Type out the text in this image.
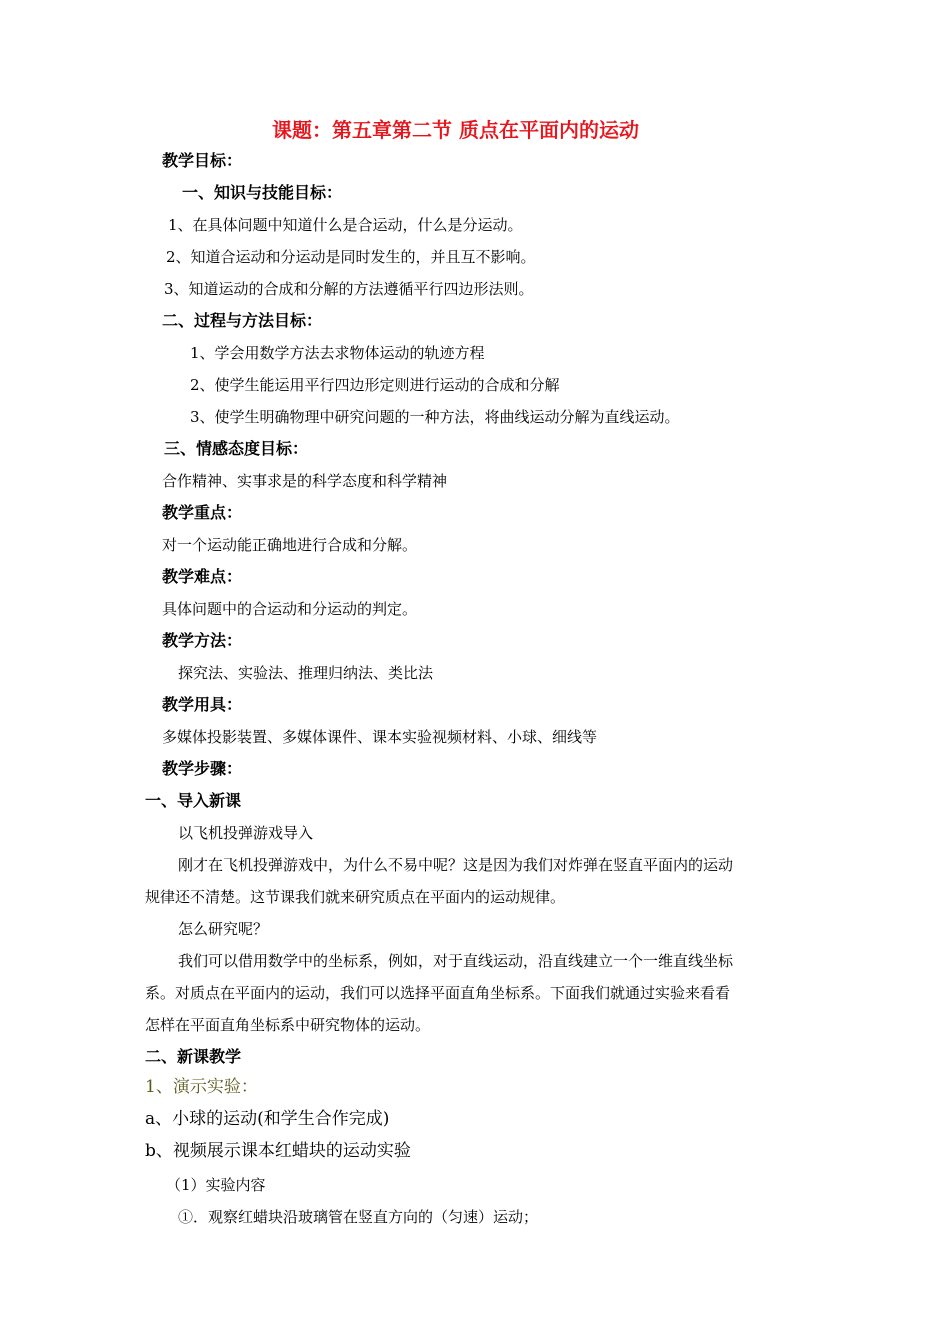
课题：第五章第二节 质点在平面内的运动
教学目标：
一、知识与技能目标：
1、在具体问题中知道什么是合运动，什么是分运动。
2、知道合运动和分运动是同时发生的，并且互不影响。
3、知道运动的合成和分解的方法遵循平行四边形法则。
二、过程与方法目标：
1、学会用数学方法去求物体运动的轨迹方程
2、使学生能运用平行四边形定则进行运动的合成和分解
3、使学生明确物理中研究问题的一种方法，将曲线运动分解为直线运动。
三、情感态度目标：
合作精神、实事求是的科学态度和科学精神
教学重点：
对一个运动能正确地进行合成和分解。
教学难点：
具体问题中的合运动和分运动的判定。
教学方法：
探究法、实验法、推理归纳法、类比法
教学用具：
多媒体投影装置、多媒体课件、课本实验视频材料、小球、细线等
教学步骤：
一、导入新课
以飞机投弹游戏导入
刚才在飞机投弹游戏中，为什么不易中呢？这是因为我们对炸弹在竖直平面内的运动
规律还不清楚。这节课我们就来研究质点在平面内的运动规律。
怎么研究呢？
我们可以借用数学中的坐标系，例如，对于直线运动，沿直线建立一个一维直线坐标
系。对质点在平面内的运动，我们可以选择平面直角坐标系。下面我们就通过实验来看看
怎样在平面直角坐标系中研究物体的运动。
二、新课教学
1、演示实验：
a、小球的运动(和学生合作完成)
b、视频展示课本红蜡块的运动实验
（1）实验内容
①．观察红蜡块沿玻璃管在竖直方向的（匀速）运动；
